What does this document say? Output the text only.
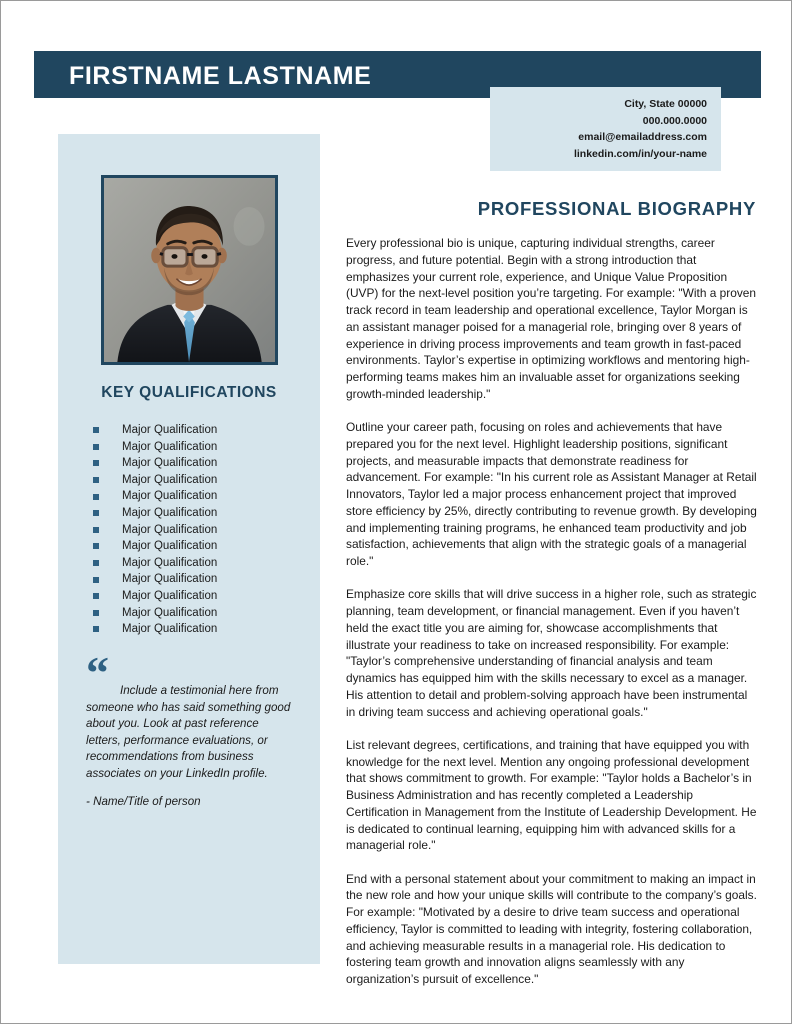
FIRSTNAME LASTNAME
City, State 00000
000.000.0000
email@emailaddress.com
linkedin.com/in/your-name
KEY QUALIFICATIONS
Major Qualification
Major Qualification
Major Qualification
Major Qualification
Major Qualification
Major Qualification
Major Qualification
Major Qualification
Major Qualification
Major Qualification
Major Qualification
Major Qualification
Major Qualification
“	Include a testimonial here from someone who has said something good about you. Look at past reference letters, performance evaluations, or recommendations from business associates on your LinkedIn profile.
- Name/Title of person
PROFESSIONAL BIOGRAPHY

Every professional bio is unique, capturing individual strengths, career progress, and future potential. Begin with a strong introduction that emphasizes your current role, experience, and Unique Value Proposition (UVP) for the next-level position you’re targeting. For example: "With a proven track record in team leadership and operational excellence, Taylor Morgan is an assistant manager poised for a managerial role, bringing over 8 years of experience in driving process improvements and team growth in fast-paced environments. Taylor’s expertise in optimizing workflows and mentoring high-performing teams makes him an invaluable asset for organizations seeking growth-minded leadership."

Outline your career path, focusing on roles and achievements that have prepared you for the next level. Highlight leadership positions, significant projects, and measurable impacts that demonstrate readiness for advancement. For example: "In his current role as Assistant Manager at Retail Innovators, Taylor led a major process enhancement project that improved store efficiency by 25%, directly contributing to revenue growth. By developing and implementing training programs, he enhanced team productivity and job satisfaction, achievements that align with the strategic goals of a managerial role."

Emphasize core skills that will drive success in a higher role, such as strategic planning, team development, or financial management. Even if you haven’t held the exact title you are aiming for, showcase accomplishments that illustrate your readiness to take on increased responsibility. For example: "Taylor’s comprehensive understanding of financial analysis and team dynamics has equipped him with the skills necessary to excel as a manager. His attention to detail and problem-solving approach have been instrumental in driving team success and achieving operational goals."

List relevant degrees, certifications, and training that have equipped you with knowledge for the next level. Mention any ongoing professional development that shows commitment to growth. For example: "Taylor holds a Bachelor’s in Business Administration and has recently completed a Leadership Certification in Management from the Institute of Leadership Development. He is dedicated to continual learning, equipping him with advanced skills for a managerial role."

End with a personal statement about your commitment to making an impact in the new role and how your unique skills will contribute to the company’s goals. For example: "Motivated by a desire to drive team success and operational efficiency, Taylor is committed to leading with integrity, fostering collaboration, and achieving measurable results in a managerial role. His dedication to fostering team growth and innovation aligns seamlessly with any organization’s pursuit of excellence."
